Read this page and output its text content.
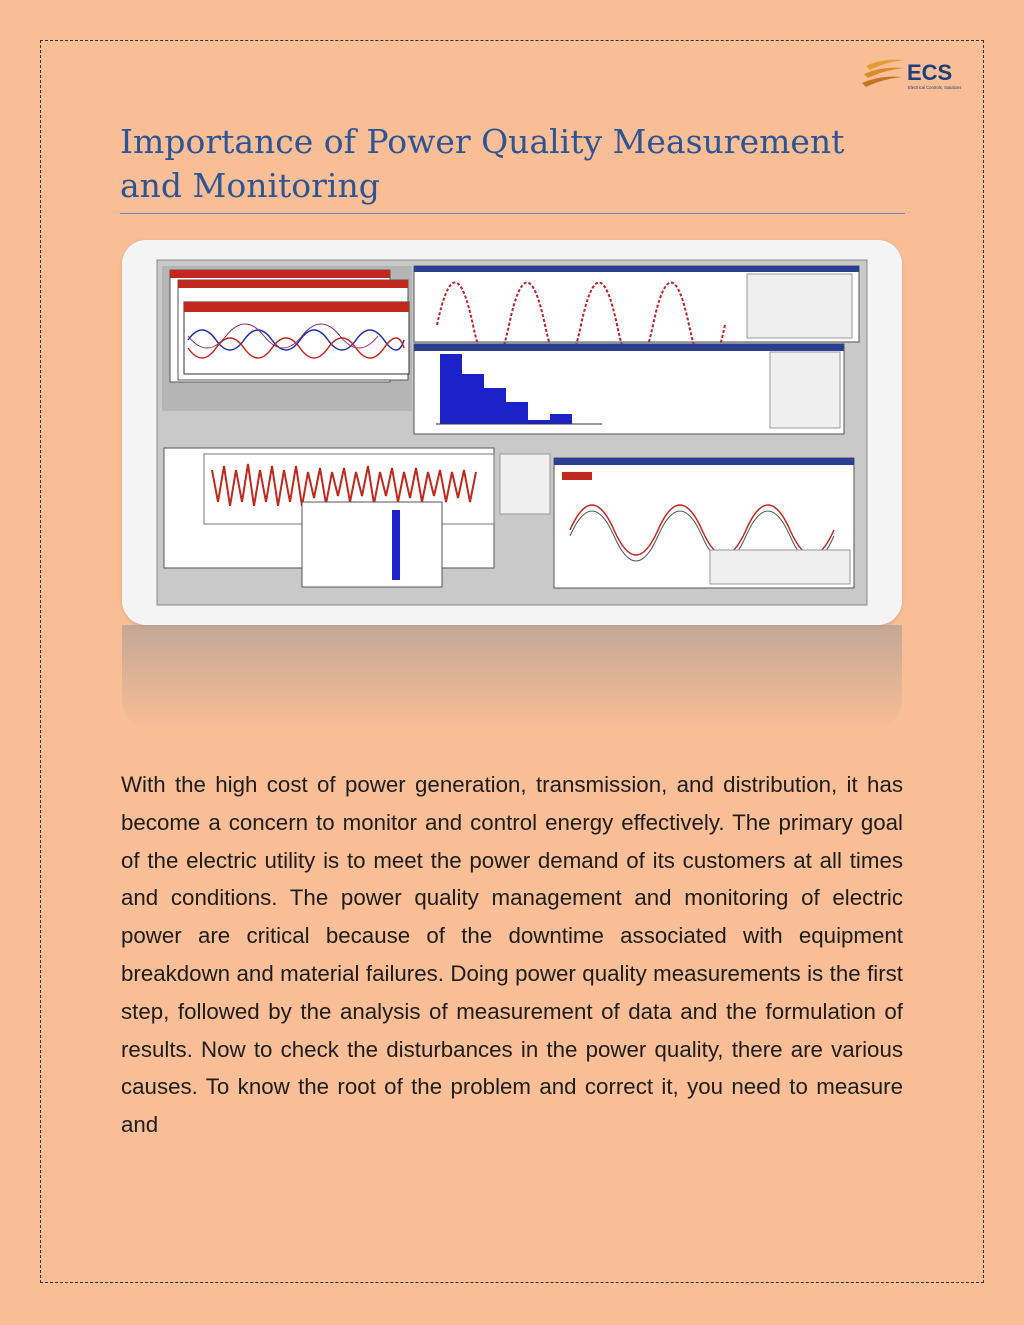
ECS
Electrical Controls, Solutions
Importance of Power Quality Measurement and Monitoring

With the high cost of power generation, transmission, and distribution, it has become a concern to monitor and control energy effectively. The primary goal of the electric utility is to meet the power demand of its customers at all times and conditions. The power quality management and monitoring of electric power are critical because of the downtime associated with equipment breakdown and material failures. Doing power quality measurements is the first step, followed by the analysis of measurement of data and the formulation of results. Now to check the disturbances in the power quality, there are various causes. To know the root of the problem and correct it, you need to measure and
